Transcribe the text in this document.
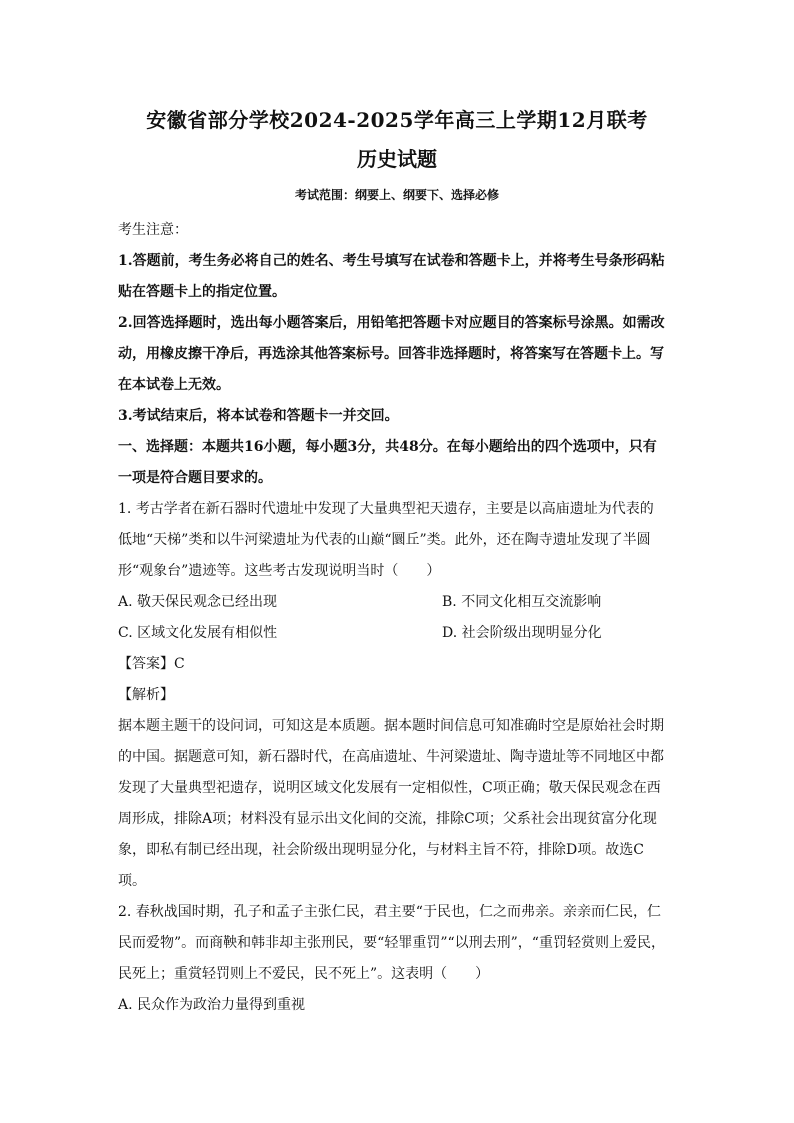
安徽省部分学校2024-2025学年高三上学期12月联考
历史试题
考试范围：纲要上、纲要下、选择必修

考生注意：

1.答题前，考生务必将自己的姓名、考生号填写在试卷和答题卡上，并将考生号条形码粘贴在答题卡上的指定位置。

2.回答选择题时，选出每小题答案后，用铅笔把答题卡对应题目的答案标号涂黑。如需改动，用橡皮擦干净后，再选涂其他答案标号。回答非选择题时，将答案写在答题卡上。写在本试卷上无效。

3.考试结束后，将本试卷和答题卡一并交回。

一、选择题：本题共16小题，每小题3分，共48分。在每小题给出的四个选项中，只有一项是符合题目要求的。

1. 考古学者在新石器时代遗址中发现了大量典型祀天遗存，主要是以高庙遗址为代表的低地“天梯”类和以牛河梁遗址为代表的山巅“圜丘”类。此外，还在陶寺遗址发现了半圆形“观象台”遗迹等。这些考古发现说明当时（　　）

A. 敬天保民观念已经出现	B. 不同文化相互交流影响
C. 区域文化发展有相似性	D. 社会阶级出现明显分化

【答案】C

【解析】

据本题主题干的设问词，可知这是本质题。据本题时间信息可知准确时空是原始社会时期的中国。据题意可知，新石器时代，在高庙遗址、牛河梁遗址、陶寺遗址等不同地区中都发现了大量典型祀遗存，说明区域文化发展有一定相似性，C项正确；敬天保民观念在西周形成，排除A项；材料没有显示出文化间的交流，排除C项；父系社会出现贫富分化现象，即私有制已经出现，社会阶级出现明显分化，与材料主旨不符，排除D项。故选C项。

2. 春秋战国时期，孔子和孟子主张仁民，君主要“于民也，仁之而弗亲。亲亲而仁民，仁民而爱物”。而商鞅和韩非却主张刑民，要“轻罪重罚”“以刑去刑”，“重罚轻赏则上爱民，民死上；重赏轻罚则上不爱民，民不死上”。这表明（　　）

A. 民众作为政治力量得到重视
